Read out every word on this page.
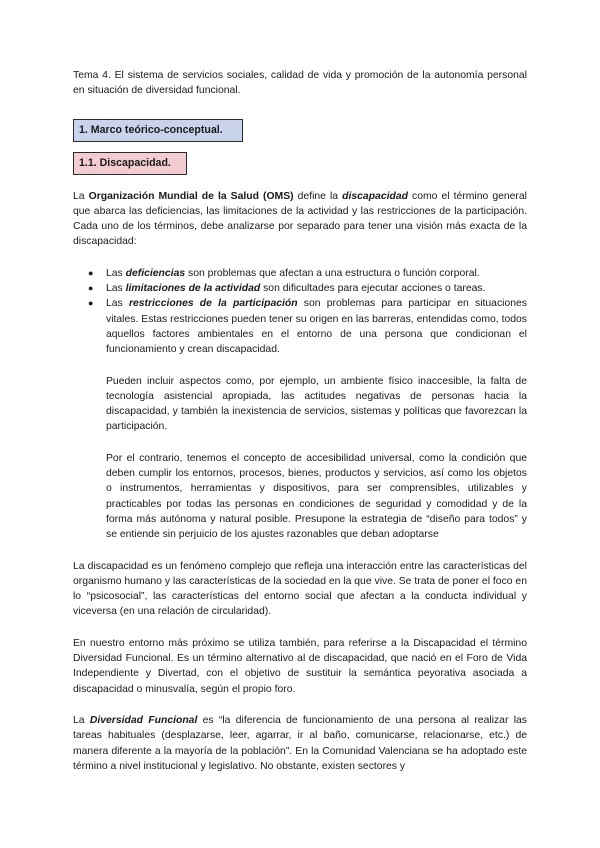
Tema 4. El sistema de servicios sociales, calidad de vida y promoción de la autonomía personal en situación de diversidad funcional.

1. Marco teórico-conceptual.
1.1. Discapacidad.

La Organización Mundial de la Salud (OMS) define la discapacidad como el término general que abarca las deficiencias, las limitaciones de la actividad y las restricciones de la participación. Cada uno de los términos, debe analizarse por separado para tener una visión más exacta de la discapacidad:

● Las deficiencias son problemas que afectan a una estructura o función corporal.
● Las limitaciones de la actividad son dificultades para ejecutar acciones o tareas.
● Las restricciones de la participación son problemas para participar en situaciones vitales. Estas restricciones pueden tener su origen en las barreras, entendidas como, todos aquellos factores ambientales en el entorno de una persona que condicionan el funcionamiento y crean discapacidad.

Pueden incluir aspectos como, por ejemplo, un ambiente físico inaccesible, la falta de tecnología asistencial apropiada, las actitudes negativas de personas hacia la discapacidad, y también la inexistencia de servicios, sistemas y políticas que favorezcan la participación.

Por el contrario, tenemos el concepto de accesibilidad universal, como la condición que deben cumplir los entornos, procesos, bienes, productos y servicios, así como los objetos o instrumentos, herramientas y dispositivos, para ser comprensibles, utilizables y practicables por todas las personas en condiciones de seguridad y comodidad y de la forma más autónoma y natural posible. Presupone la estrategia de “diseño para todos” y se entiende sin perjuicio de los ajustes razonables que deban adoptarse

La discapacidad es un fenómeno complejo que refleja una interacción entre las características del organismo humano y las características de la sociedad en la que vive. Se trata de poner el foco en lo “psicosocial”, las características del entorno social que afectan a la conducta individual y viceversa (en una relación de circularidad).

En nuestro entorno más próximo se utiliza también, para referirse a la Discapacidad el término Diversidad Funcional. Es un término alternativo al de discapacidad, que nació en el Foro de Vida Independiente y Divertad, con el objetivo de sustituir la semántica peyorativa asociada a discapacidad o minusvalía, según el propio foro.

La Diversidad Funcional es “la diferencia de funcionamiento de una persona al realizar las tareas habituales (desplazarse, leer, agarrar, ir al baño, comunicarse, relacionarse, etc.) de manera diferente a la mayoría de la población”. En la Comunidad Valenciana se ha adoptado este término a nivel institucional y legislativo. No obstante, existen sectores y
